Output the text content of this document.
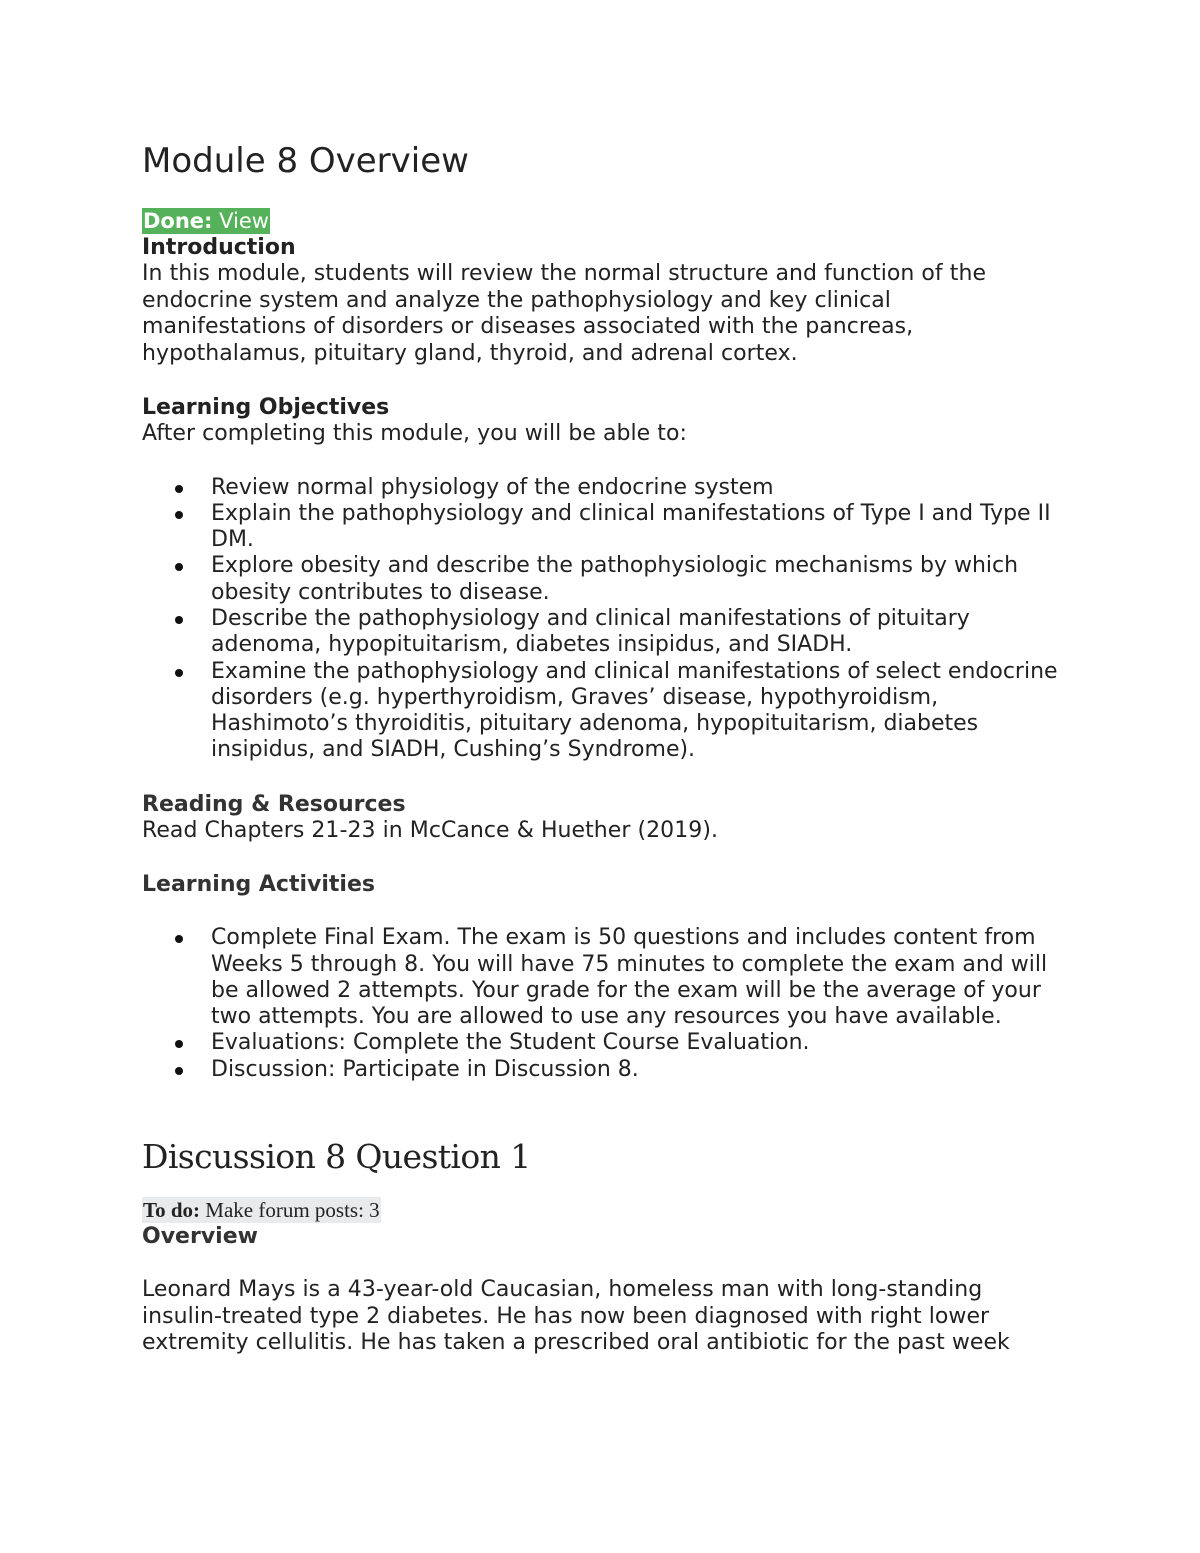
Module 8 Overview
Done: View

Introduction

In this module, students will review the normal structure and function of the endocrine system and analyze the pathophysiology and key clinical manifestations of disorders or diseases associated with the pancreas, hypothalamus, pituitary gland, thyroid, and adrenal cortex.

Learning Objectives

After completing this module, you will be able to:

Review normal physiology of the endocrine system
Explain the pathophysiology and clinical manifestations of Type I and Type II DM.
Explore obesity and describe the pathophysiologic mechanisms by which obesity contributes to disease.
Describe the pathophysiology and clinical manifestations of pituitary adenoma, hypopituitarism, diabetes insipidus, and SIADH.
Examine the pathophysiology and clinical manifestations of select endocrine disorders (e.g. hyperthyroidism, Graves’ disease, hypothyroidism, Hashimoto’s thyroiditis, pituitary adenoma, hypopituitarism, diabetes insipidus, and SIADH, Cushing’s Syndrome).

Reading & Resources

Read Chapters 21-23 in McCance & Huether (2019).

Learning Activities

Complete Final Exam. The exam is 50 questions and includes content from Weeks 5 through 8. You will have 75 minutes to complete the exam and will be allowed 2 attempts. Your grade for the exam will be the average of your two attempts. You are allowed to use any resources you have available.
Evaluations: Complete the Student Course Evaluation.
Discussion: Participate in Discussion 8.
Discussion 8 Question 1
To do: Make forum posts: 3

Overview

Leonard Mays is a 43-year-old Caucasian, homeless man with long-standing insulin-treated type 2 diabetes. He has now been diagnosed with right lower extremity cellulitis. He has taken a prescribed oral antibiotic for the past week
